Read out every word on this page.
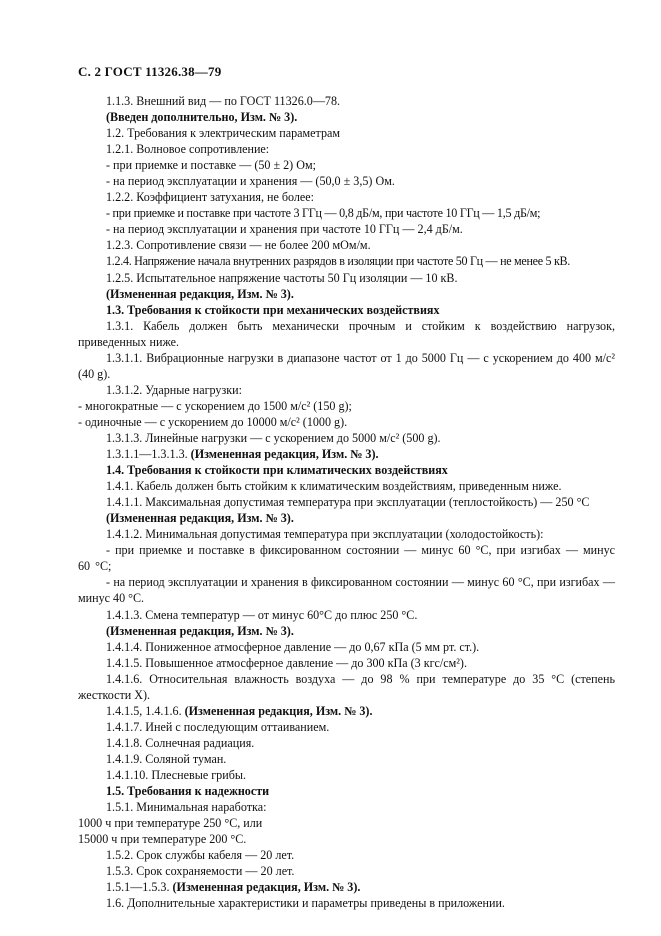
С. 2 ГОСТ 11326.38—79
1.1.3. Внешний вид — по ГОСТ 11326.0—78.
(Введен дополнительно, Изм. № 3).
1.2. Требования к электрическим параметрам
1.2.1. Волновое сопротивление:
- при приемке и поставке — (50 ± 2) Ом;
- на период эксплуатации и хранения — (50,0 ± 3,5) Ом.
1.2.2. Коэффициент затухания, не более:
- при приемке и поставке при частоте 3 ГГц — 0,8 дБ/м, при частоте 10 ГГц — 1,5 дБ/м;
- на период эксплуатации и хранения при частоте 10 ГГц — 2,4 дБ/м.
1.2.3. Сопротивление связи — не более 200 мОм/м.
1.2.4. Напряжение начала внутренних разрядов в изоляции при частоте 50 Гц — не менее 5 кВ.
1.2.5. Испытательное напряжение частоты 50 Гц изоляции — 10 кВ.
(Измененная редакция, Изм. № 3).
1.3. Требования к стойкости при механических воздействиях
1.3.1. Кабель должен быть механически прочным и стойким к воздействию нагрузок, приведенных ниже.
1.3.1.1. Вибрационные нагрузки в диапазоне частот от 1 до 5000 Гц — с ускорением до 400 м/с² (40 g).
1.3.1.2. Ударные нагрузки:
- многократные — с ускорением до 1500 м/с² (150 g);
- одиночные — с ускорением до 10000 м/с² (1000 g).
1.3.1.3. Линейные нагрузки — с ускорением до 5000 м/с² (500 g).
1.3.1.1—1.3.1.3. (Измененная редакция, Изм. № 3).
1.4. Требования к стойкости при климатических воздействиях
1.4.1. Кабель должен быть стойким к климатическим воздействиям, приведенным ниже.
1.4.1.1. Максимальная допустимая температура при эксплуатации (теплостойкость) — 250 °С
(Измененная редакция, Изм. № 3).
1.4.1.2. Минимальная допустимая температура при эксплуатации (холодостойкость):
- при приемке и поставке в фиксированном состоянии — минус 60 °С, при изгибах — минус 60 °С;
- на период эксплуатации и хранения в фиксированном состоянии — минус 60 °С, при изгибах — минус 40 °С.
1.4.1.3. Смена температур — от минус 60°С до плюс 250 °С.
(Измененная редакция, Изм. № 3).
1.4.1.4. Пониженное атмосферное давление — до 0,67 кПа (5 мм рт. ст.).
1.4.1.5. Повышенное атмосферное давление — до 300 кПа (3 кгс/см²).
1.4.1.6. Относительная влажность воздуха — до 98 % при температуре до 35 °С (степень жесткости X).
1.4.1.5, 1.4.1.6. (Измененная редакция, Изм. № 3).
1.4.1.7. Иней с последующим оттаиванием.
1.4.1.8. Солнечная радиация.
1.4.1.9. Соляной туман.
1.4.1.10. Плесневые грибы.
1.5. Требования к надежности
1.5.1. Минимальная наработка:
1000 ч при температуре 250 °С, или
15000 ч при температуре 200 °С.
1.5.2. Срок службы кабеля — 20 лет.
1.5.3. Срок сохраняемости — 20 лет.
1.5.1—1.5.3. (Измененная редакция, Изм. № 3).
1.6. Дополнительные характеристики и параметры приведены в приложении.
